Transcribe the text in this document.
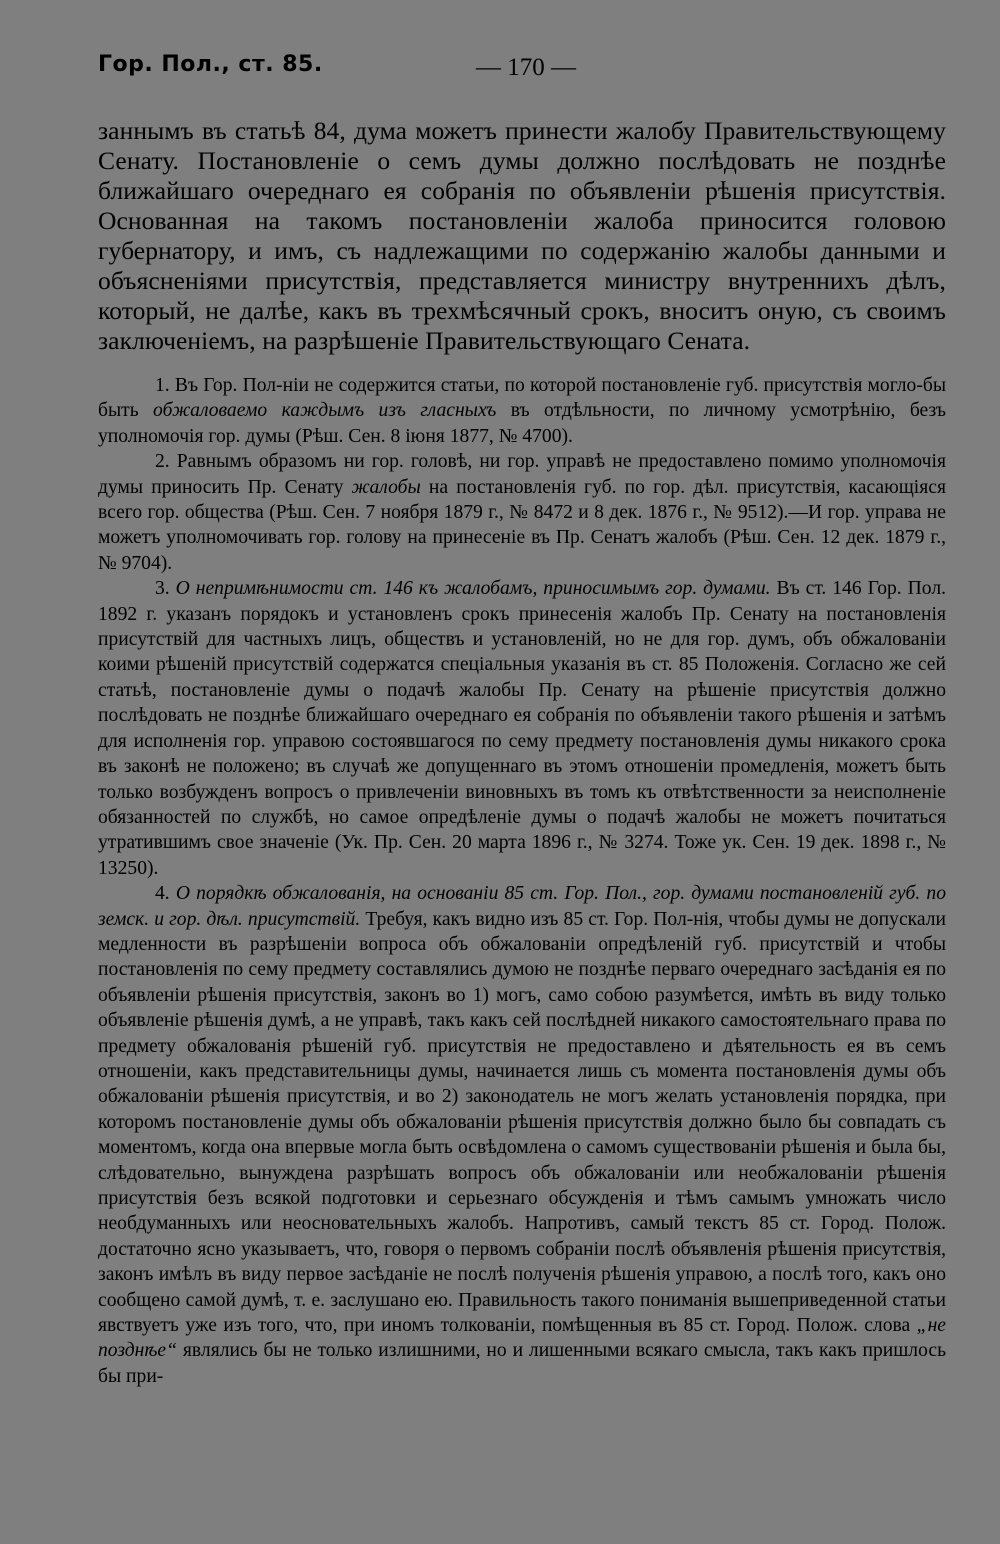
Гор. Пол., ст. 85.	— 170 —

заннымъ въ статьѣ 84, дума можетъ принести жалобу Правительствующему Сенату. Постановленіе о семъ думы должно послѣдовать не позднѣе ближайшаго очереднаго ея собранія по объявленіи рѣшенія присутствія. Основанная на такомъ постановленіи жалоба приносится головою губернатору, и имъ, съ надлежащими по содержанію жалобы данными и объясненіями присутствія, представляется министру внутреннихъ дѣлъ, который, не далѣе, какъ въ трехмѣсячный срокъ, вноситъ оную, съ своимъ заключеніемъ, на разрѣшеніе Правительствующаго Сената.

1. Въ Гор. Пол-ніи не содержится статьи, по которой постановленіе губ. присутствія могло-бы быть обжаловаемо каждымъ изъ гласныхъ въ отдѣльности, по личному усмотрѣнію, безъ уполномочія гор. думы (Рѣш. Сен. 8 іюня 1877, № 4700).

2. Равнымъ образомъ ни гор. головѣ, ни гор. управѣ не предоставлено помимо уполномочія думы приносить Пр. Сенату жалобы на постановленія губ. по гор. дѣл. присутствія, касающіяся всего гор. общества (Рѣш. Сен. 7 ноября 1879 г., № 8472 и 8 дек. 1876 г., № 9512).—И гор. управа не можетъ уполномочивать гор. голову на принесеніе въ Пр. Сенатъ жалобъ (Рѣш. Сен. 12 дек. 1879 г., № 9704).

3. О непримѣнимости ст. 146 къ жалобамъ, приносимымъ гор. думами. Въ ст. 146 Гор. Пол. 1892 г. указанъ порядокъ и установленъ срокъ принесенія жалобъ Пр. Сенату на постановленія присутствій для частныхъ лицъ, обществъ и установленій, но не для гор. думъ, объ обжалованіи коими рѣшеній присутствій содержатся спеціальныя указанія въ ст. 85 Положенія. Согласно же сей статьѣ, постановленіе думы о подачѣ жалобы Пр. Сенату на рѣшеніе присутствія должно послѣдовать не позднѣе ближайшаго очереднаго ея собранія по объявленіи такого рѣшенія и затѣмъ для исполненія гор. управою состоявшагося по сему предмету постановленія думы никакого срока въ законѣ не положено; въ случаѣ же допущеннаго въ этомъ отношеніи промедленія, можетъ быть только возбужденъ вопросъ о привлеченіи виновныхъ въ томъ къ отвѣтственности за неисполненіе обязанностей по службѣ, но самое опредѣленіе думы о подачѣ жалобы не можетъ почитаться утратившимъ свое значеніе (Ук. Пр. Сен. 20 марта 1896 г., № 3274. Тоже ук. Сен. 19 дек. 1898 г., № 13250).

4. О порядкѣ обжалованія, на основаніи 85 ст. Гор. Пол., гор. думами постановленій губ. по земск. и гор. дѣл. присутствій. Требуя, какъ видно изъ 85 ст. Гор. Пол-нія, чтобы думы не допускали медленности въ разрѣшеніи вопроса объ обжалованіи опредѣленій губ. присутствій и чтобы постановленія по сему предмету составлялись думою не позднѣе перваго очереднаго засѣданія ея по объявленіи рѣшенія присутствія, законъ во 1) могъ, само собою разумѣется, имѣть въ виду только объявленіе рѣшенія думѣ, а не управѣ, такъ какъ сей послѣдней никакого самостоятельнаго права по предмету обжалованія рѣшеній губ. присутствія не предоставлено и дѣятельность ея въ семъ отношеніи, какъ представительницы думы, начинается лишь съ момента постановленія думы объ обжалованіи рѣшенія присутствія, и во 2) законодатель не могъ желать установленія порядка, при которомъ постановленіе думы объ обжалованіи рѣшенія присутствія должно было бы совпадать съ моментомъ, когда она впервые могла быть освѣдомлена о самомъ существованіи рѣшенія и была бы, слѣдовательно, вынуждена разрѣшать вопросъ объ обжалованіи или необжалованіи рѣшенія присутствія безъ всякой подготовки и серьезнаго обсужденія и тѣмъ самымъ умножать число необдуманныхъ или неосновательныхъ жалобъ. Напротивъ, самый текстъ 85 ст. Город. Полож. достаточно ясно указываетъ, что, говоря о первомъ собраніи послѣ объявленія рѣшенія присутствія, законъ имѣлъ въ виду первое засѣданіе не послѣ полученія рѣшенія управою, а послѣ того, какъ оно сообщено самой думѣ, т. е. заслушано ею. Правильность такого пониманія вышеприведенной статьи явствуетъ уже изъ того, что, при иномъ толкованіи, помѣщенныя въ 85 ст. Город. Полож. слова „не позднѣе“ являлись бы не только излишними, но и лишенными всякаго смысла, такъ какъ пришлось бы при-
